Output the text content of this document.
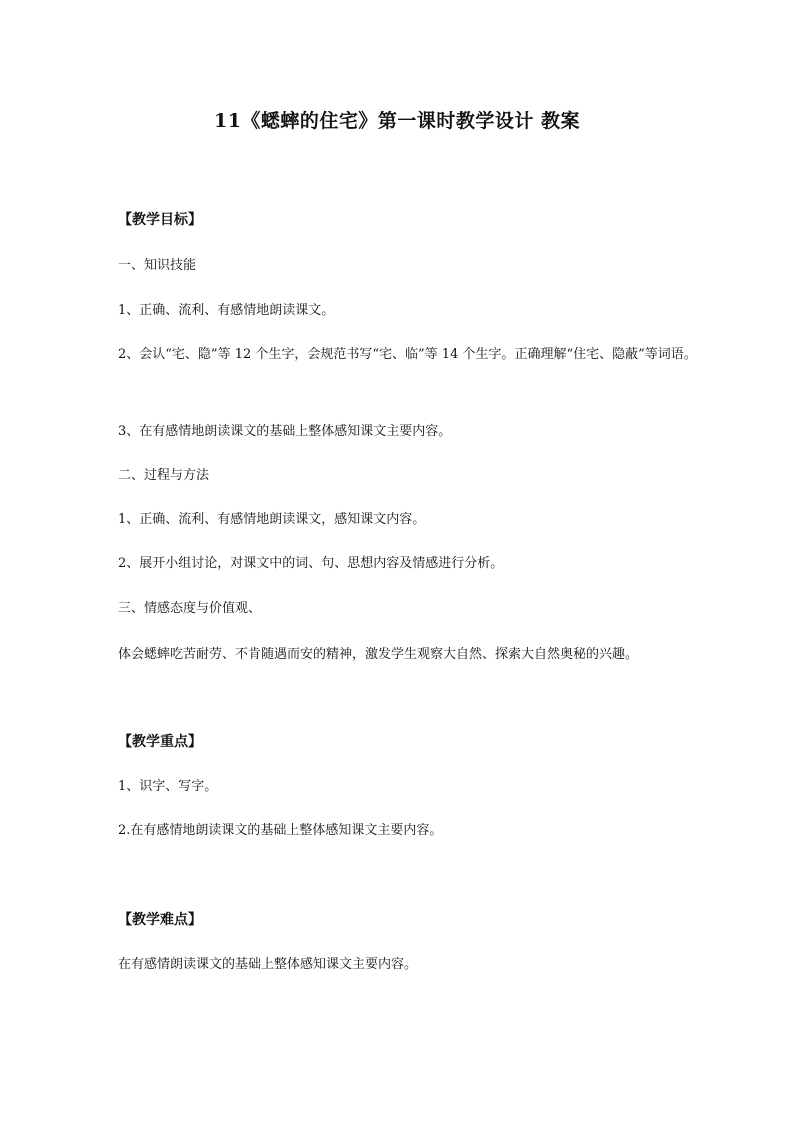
11《蟋蟀的住宅》第一课时教学设计 教案
【教学目标】
一、知识技能
1、正确、流利、有感情地朗读课文。
2、会认“宅、隐”等 12 个生字，会规范书写“宅、临”等 14 个生字。正确理解“住宅、隐蔽”等词语。
3、在有感情地朗读课文的基础上整体感知课文主要内容。
二、过程与方法
1、正确、流利、有感情地朗读课文，感知课文内容。
2、展开小组讨论，对课文中的词、句、思想内容及情感进行分析。
三、情感态度与价值观、
体会蟋蟀吃苦耐劳、不肯随遇而安的精神，激发学生观察大自然、探索大自然奥秘的兴趣。
【教学重点】
1、识字、写字。
2.在有感情地朗读课文的基础上整体感知课文主要内容。
【教学难点】
在有感情朗读课文的基础上整体感知课文主要内容。
